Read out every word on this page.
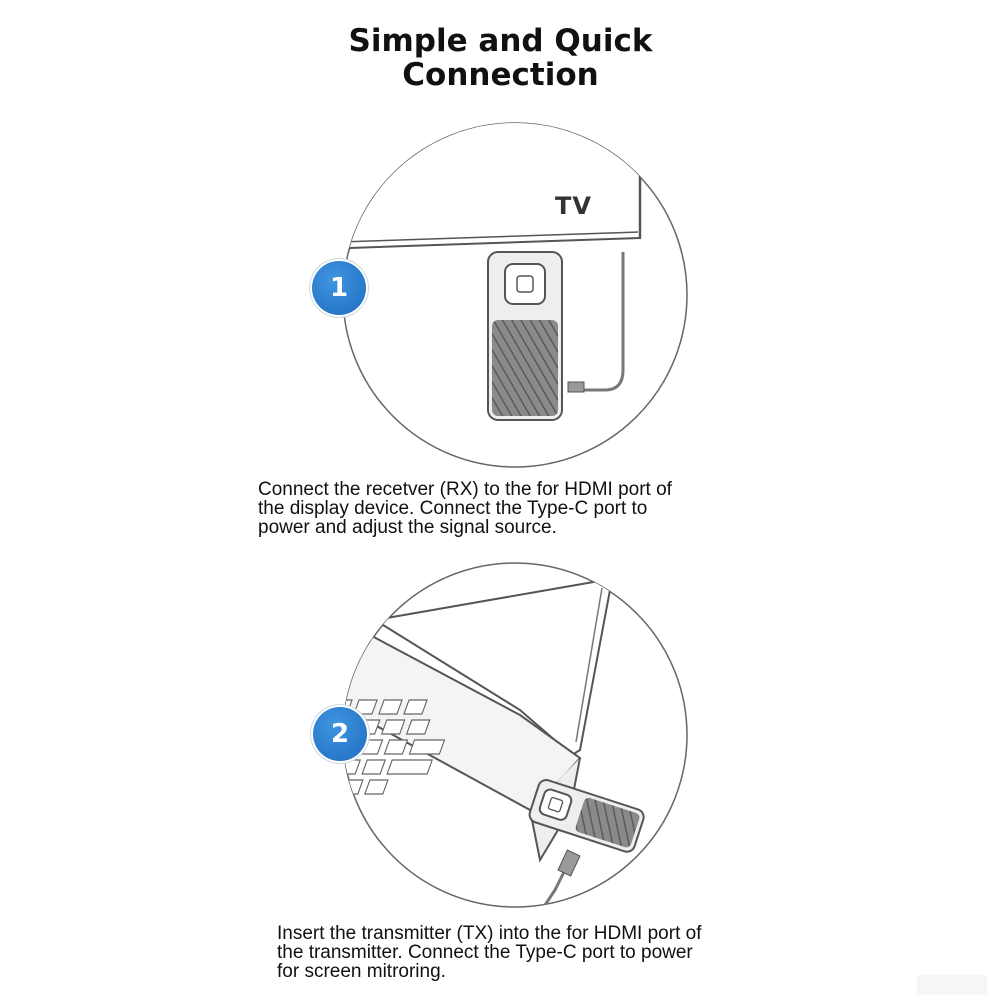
Simple and Quick
Connection
TV
1
Connect the recetver (RX) to the for HDMI port of
the display device. Connect the Type-C port to
power and adjust the signal source.
2
Insert the transmitter (TX) into the for HDMI port of
the transmitter. Connect the Type-C port to power
for screen mitroring.
